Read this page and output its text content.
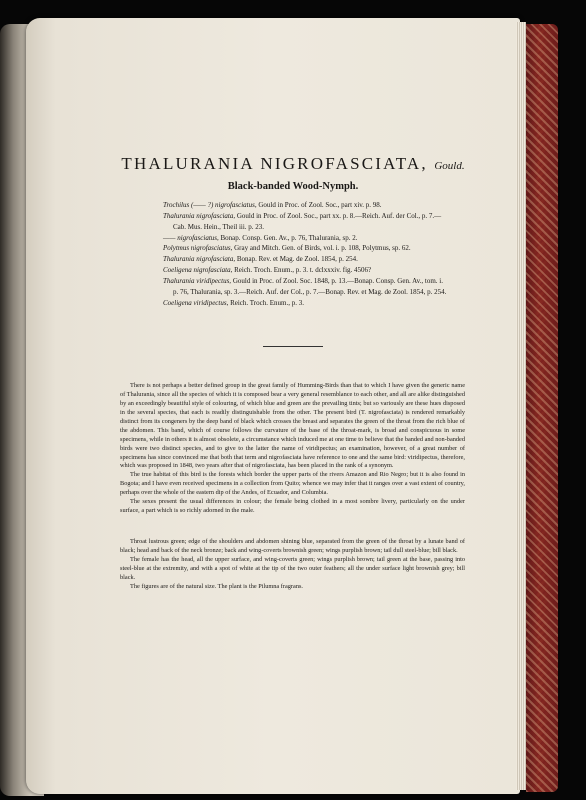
THALURANIA NIGROFASCIATA, Gould.
Black-banded Wood-Nymph.
Trochilus (—— ?) nigrofasciatus, Gould in Proc. of Zool. Soc., part xiv. p. 98.
Thalurania nigrofasciata, Gould in Proc. of Zool. Soc., part xx. p. 8.—Reich. Auf. der Col., p. 7.—Cab. Mus. Hein., Theil iii. p. 23.
—— nigrofasciatus, Bonap. Consp. Gen. Av., p. 76, Thalurania, sp. 2.
Polytmus nigrofasciatus, Gray and Mitch. Gen. of Birds, vol. i. p. 108, Polytmus, sp. 62.
Thalurania nigrofasciata, Bonap. Rev. et Mag. de Zool. 1854, p. 254.
Coeligena nigrofasciata, Reich. Troch. Enum., p. 3. t. dclxxxiv. fig. 4506?
Thalurania viridipectus, Gould in Proc. of Zool. Soc. 1848, p. 13.—Bonap. Consp. Gen. Av., tom. i. p. 76, Thalurania, sp. 3.—Reich. Auf. der Col., p. 7.—Bonap. Rev. et Mag. de Zool. 1854, p. 254.
Coeligena viridipectus, Reich. Troch. Enum., p. 3.

There is not perhaps a better defined group in the great family of Humming-Birds than that to which I have given the generic name of Thalurania, since all the species of which it is composed bear a very general resemblance to each other, and all are alike distinguished by an exceedingly beautiful style of colouring, of which blue and green are the prevailing tints; but so variously are these hues disposed in the several species, that each is readily distinguishable from the other. The present bird (T. nigrofasciata) is rendered remarkably distinct from its congeners by the deep band of black which crosses the breast and separates the green of the throat from the rich blue of the abdomen. This band, which of course follows the curvature of the base of the throat-mark, is broad and conspicuous in some specimens, while in others it is almost obsolete, a circumstance which induced me at one time to believe that the banded and non-banded birds were two distinct species, and to give to the latter the name of viridipectus; an examination, however, of a great number of specimens has since convinced me that both that term and nigrofasciata have reference to one and the same bird: viridipectus, therefore, which was proposed in 1848, two years after that of nigrofasciata, has been placed in the rank of a synonym.

The true habitat of this bird is the forests which border the upper parts of the rivers Amazon and Rio Negro; but it is also found in Bogota; and I have even received specimens in a collection from Quito; whence we may infer that it ranges over a vast extent of country, perhaps over the whole of the eastern dip of the Andes, of Ecuador, and Columbia.

The sexes present the usual differences in colour; the female being clothed in a most sombre livery, particularly on the under surface, a part which is so richly adorned in the male.

Throat lustrous green; edge of the shoulders and abdomen shining blue, separated from the green of the throat by a lunate band of black; head and back of the neck bronze; back and wing-coverts brownish green; wings purplish brown; tail dull steel-blue; bill black.

The female has the head, all the upper surface, and wing-coverts green; wings purplish brown; tail green at the base, passing into steel-blue at the extremity, and with a spot of white at the tip of the two outer feathers; all the under surface light brownish grey; bill black.

The figures are of the natural size. The plant is the Pilumna fragrans.
